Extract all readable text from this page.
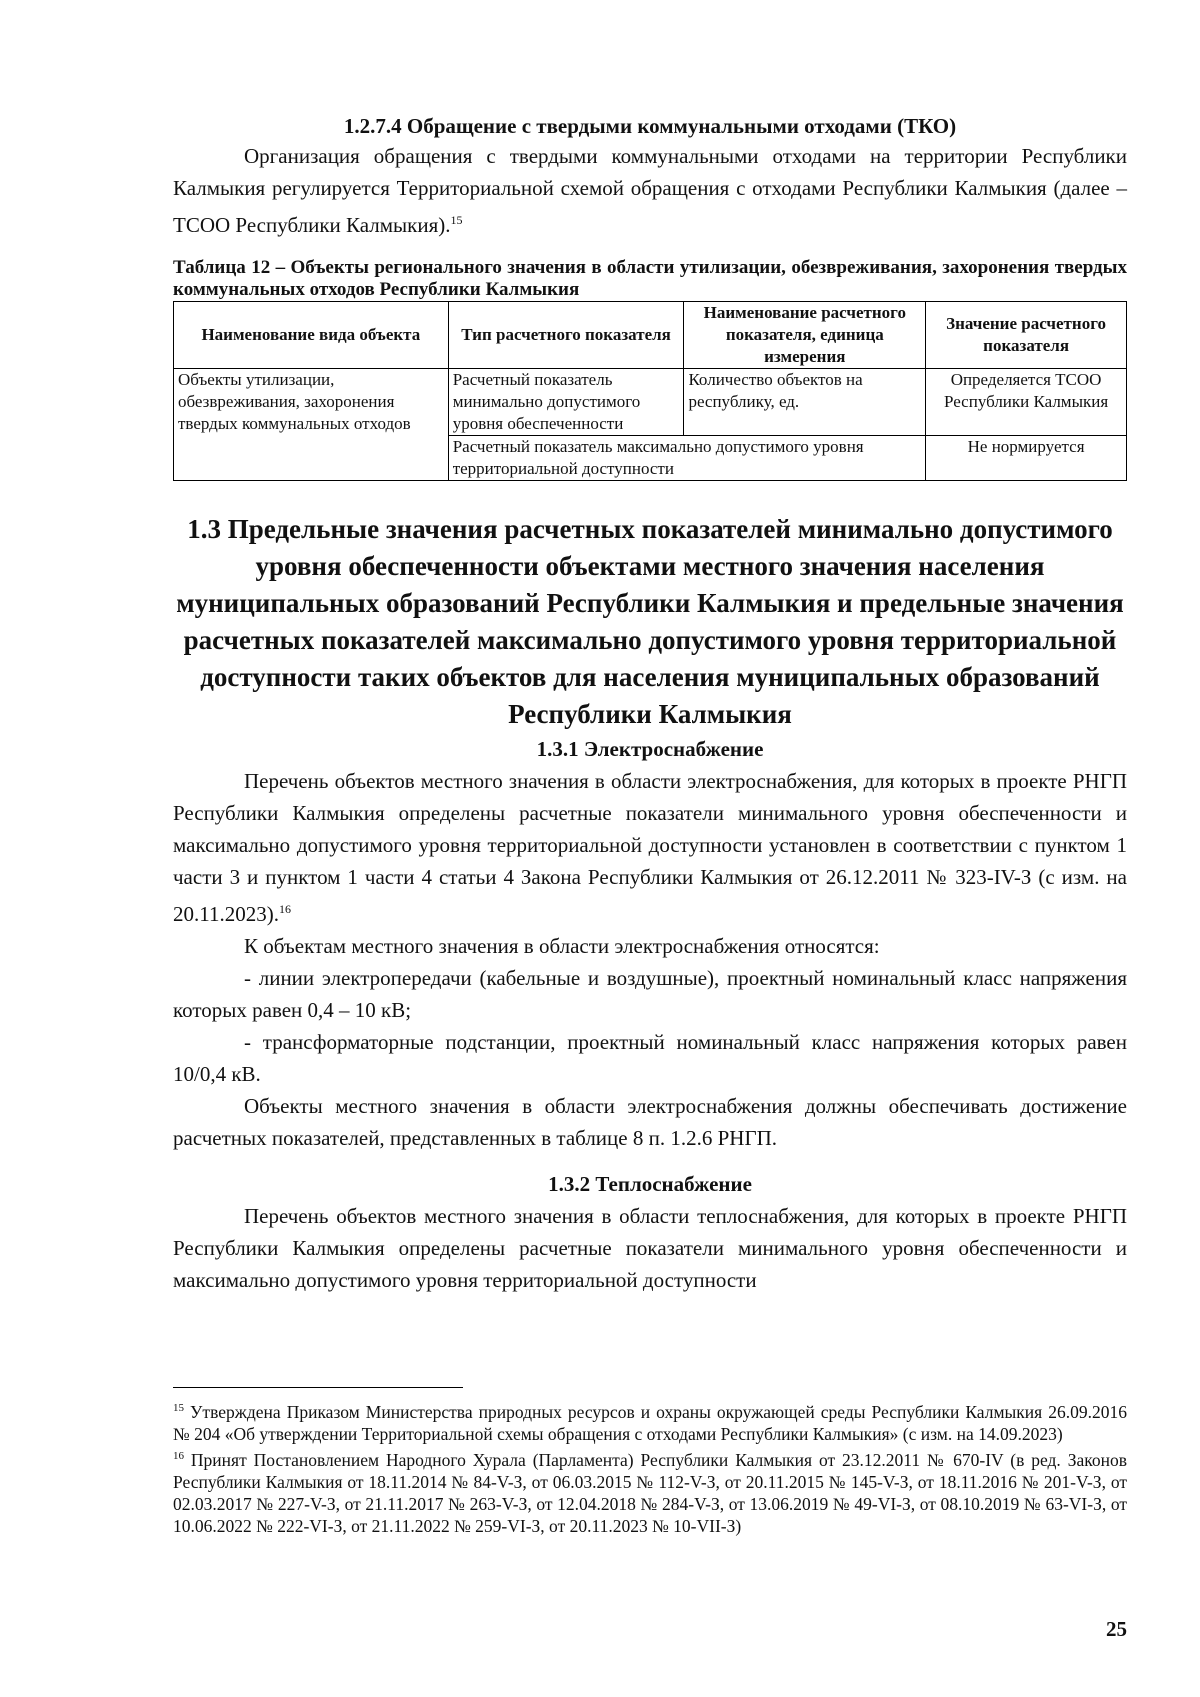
1.2.7.4 Обращение с твердыми коммунальными отходами (ТКО)

Организация обращения с твердыми коммунальными отходами на территории Республики Калмыкия регулируется Территориальной схемой обращения с отходами Республики Калмыкия (далее – ТСОО Республики Калмыкия).$^{15}$

Таблица 12 – Объекты регионального значения в области утилизации, обезвреживания, захоронения твердых коммунальных отходов Республики Калмыкия

Наименование вида объекта	Тип расчетного показателя	Наименование расчетного показателя, единица измерения	Значение расчетного показателя
Объекты утилизации, обезвреживания, захоронения твердых коммунальных отходов	Расчетный показатель минимально допустимого уровня обеспеченности	Количество объектов на республику, ед.	Определяется ТСОО Республики Калмыкия
	Расчетный показатель максимально допустимого уровня территориальной доступности		Не нормируется
1.3 Предельные значения расчетных показателей минимально допустимого уровня обеспеченности объектами местного значения населения муниципальных образований Республики Калмыкия и предельные значения расчетных показателей максимально допустимого уровня территориальной доступности таких объектов для населения муниципальных образований Республики Калмыкия
1.3.1 Электроснабжение

Перечень объектов местного значения в области электроснабжения, для которых в проекте РНГП Республики Калмыкия определены расчетные показатели минимального уровня обеспеченности и максимально допустимого уровня территориальной доступности установлен в соответствии с пунктом 1 части 3 и пунктом 1 части 4 статьи 4 Закона Республики Калмыкия от 26.12.2011 № 323-IV-З (с изм. на 20.11.2023).$^{16}$

К объектам местного значения в области электроснабжения относятся:

- линии электропередачи (кабельные и воздушные), проектный номинальный класс напряжения которых равен 0,4 – 10 кВ;

- трансформаторные подстанции, проектный номинальный класс напряжения которых равен 10/0,4 кВ.

Объекты местного значения в области электроснабжения должны обеспечивать достижение расчетных показателей, представленных в таблице 8 п. 1.2.6 РНГП.

1.3.2 Теплоснабжение

Перечень объектов местного значения в области теплоснабжения, для которых в проекте РНГП Республики Калмыкия определены расчетные показатели минимального уровня обеспеченности и максимально допустимого уровня территориальной доступности

$^{15}$ Утверждена Приказом Министерства природных ресурсов и охраны окружающей среды Республики Калмыкия 26.09.2016 № 204 «Об утверждении Территориальной схемы обращения с отходами Республики Калмыкия» (с изм. на 14.09.2023)

$^{16}$ Принят Постановлением Народного Хурала (Парламента) Республики Калмыкия от 23.12.2011 № 670-IV (в ред. Законов Республики Калмыкия от 18.11.2014 № 84-V-З, от 06.03.2015 № 112-V-З, от 20.11.2015 № 145-V-З, от 18.11.2016 № 201-V-З, от 02.03.2017 № 227-V-З, от 21.11.2017 № 263-V-З, от 12.04.2018 № 284-V-З, от 13.06.2019 № 49-VI-З, от 08.10.2019 № 63-VI-З, от 10.06.2022 № 222-VI-З, от 21.11.2022 № 259-VI-З, от 20.11.2023 № 10-VII-З)

25
